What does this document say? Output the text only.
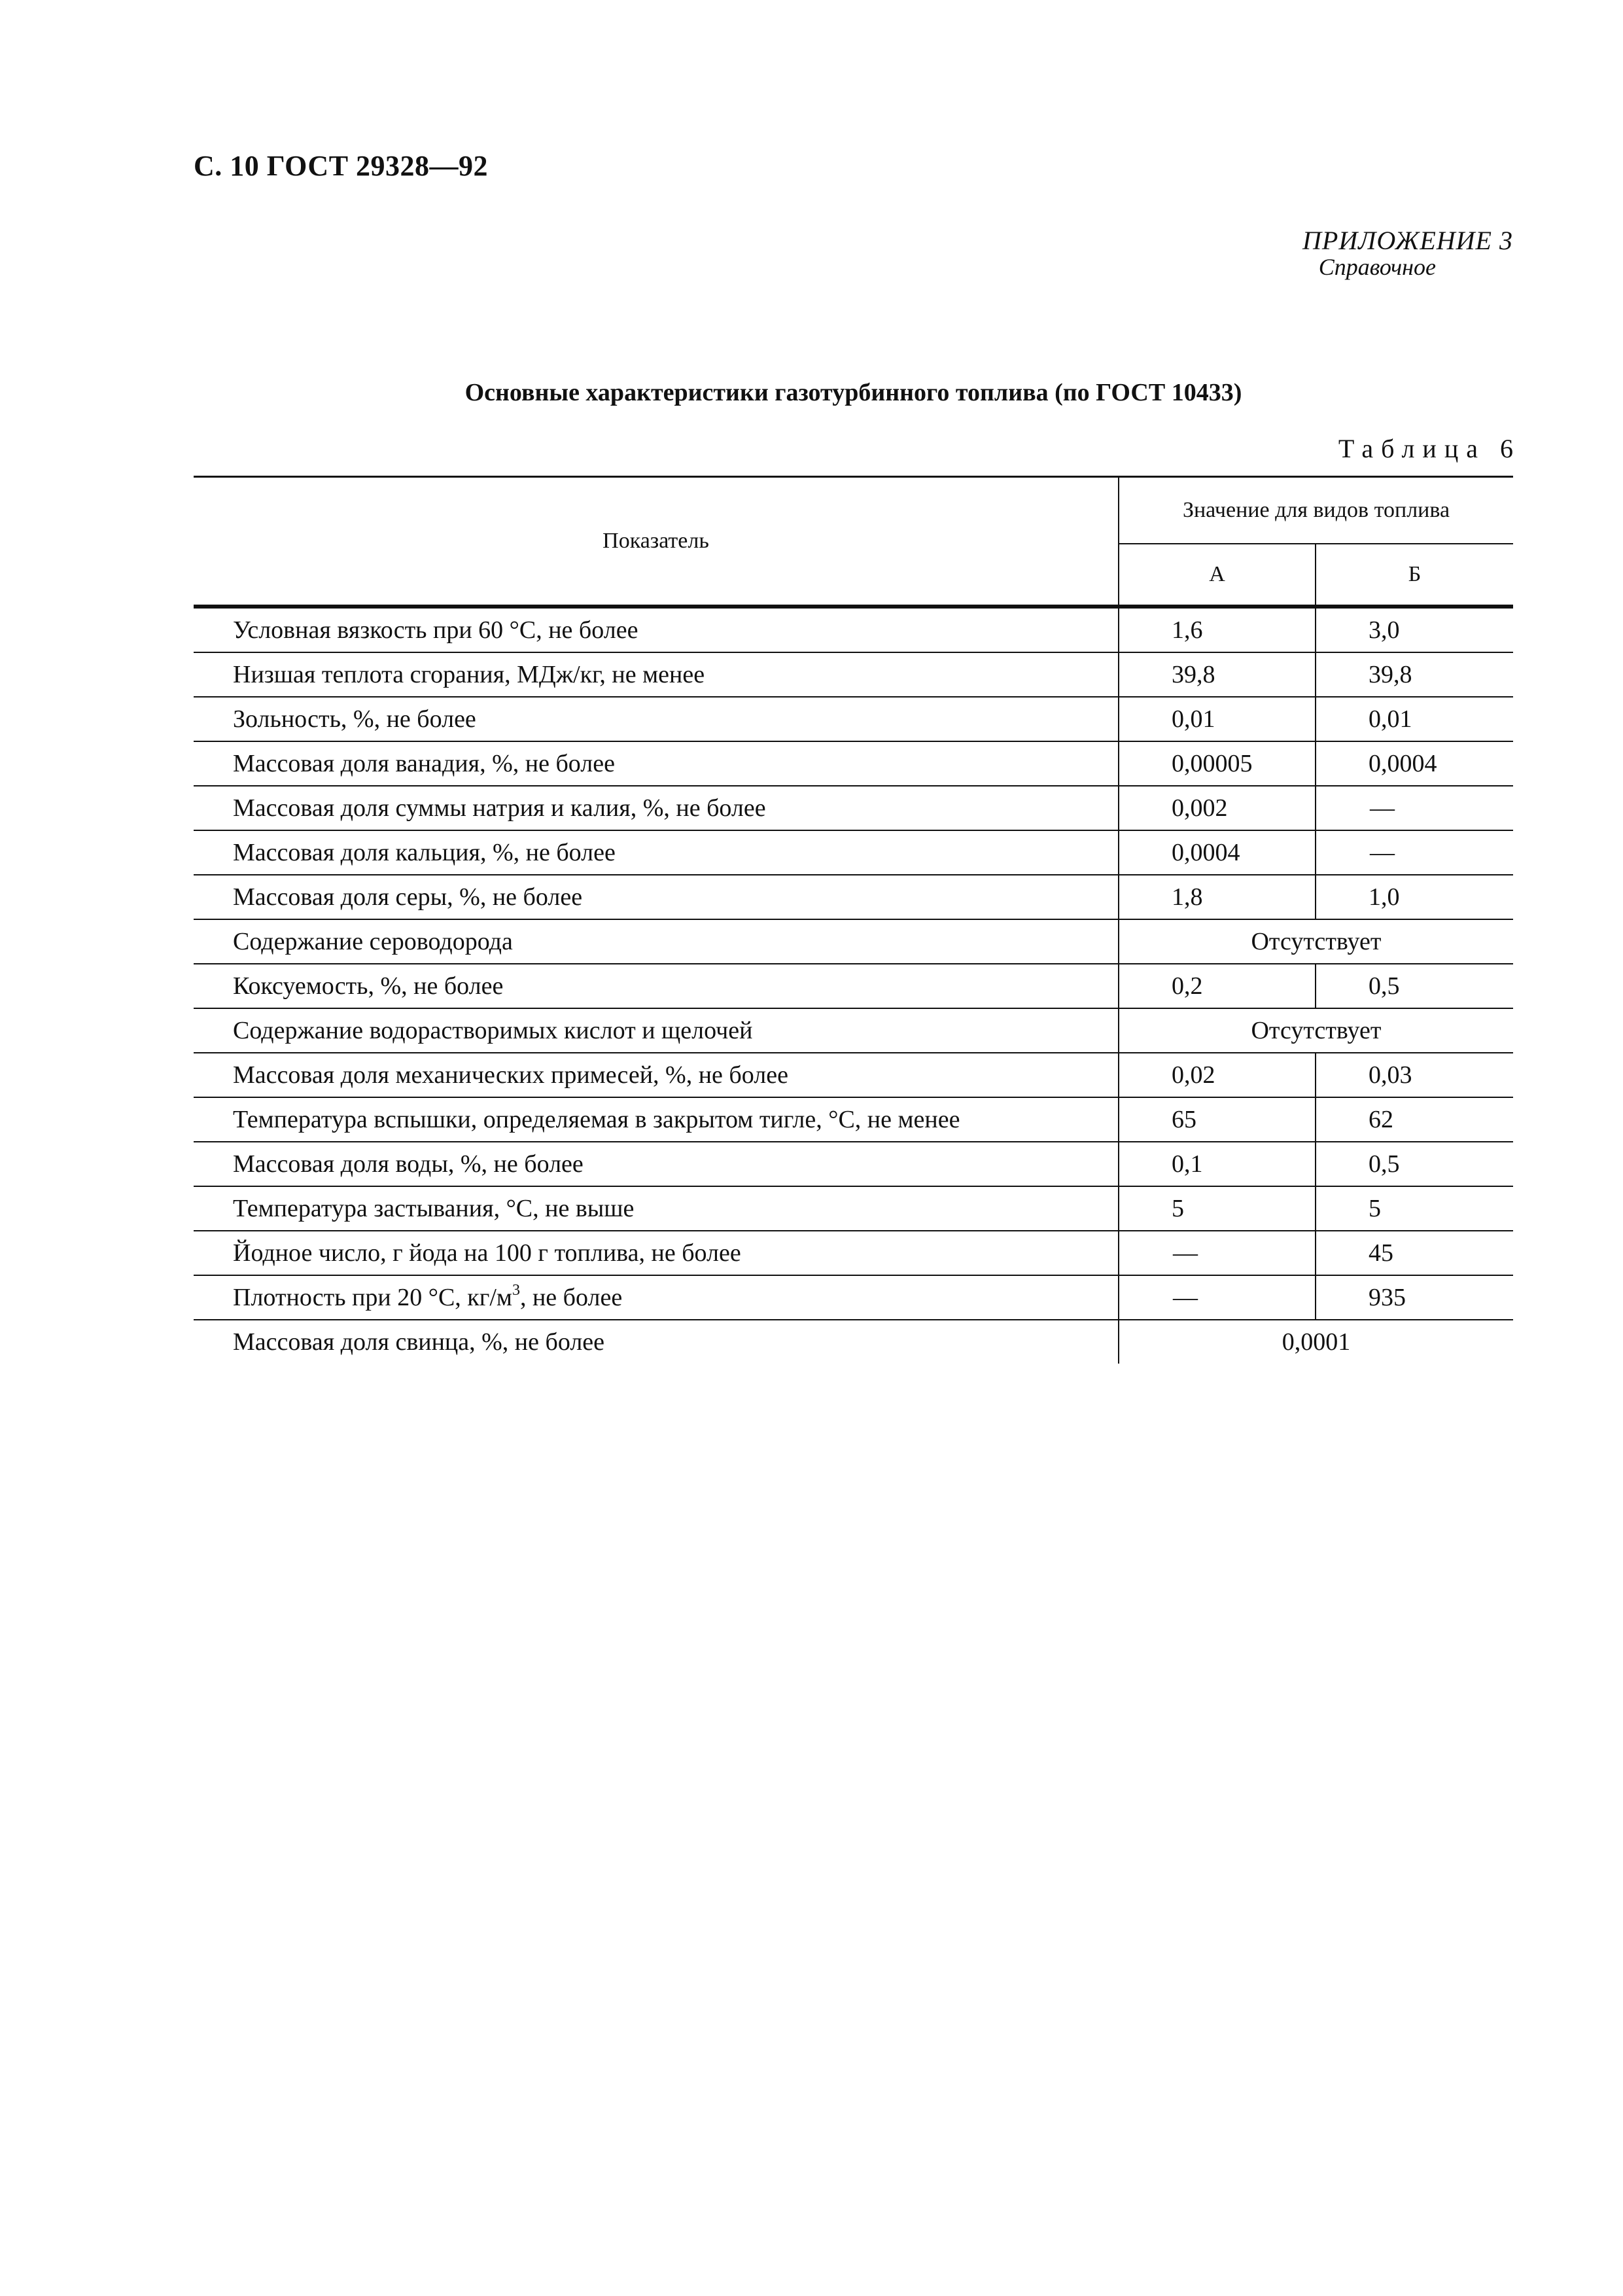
С. 10 ГОСТ 29328—92
ПРИЛОЖЕНИЕ 3
Справочное
Основные характеристики газотурбинного топлива (по ГОСТ 10433)
Таблица 6
Показатель	Значение для видов топлива	
	А	Б
Условная вязкость при 60 °С, не более	1,6	3,0
Низшая теплота сгорания, МДж/кг, не менее	39,8	39,8
Зольность, %, не более	0,01	0,01
Массовая доля ванадия, %, не более	0,00005	0,0004
Массовая доля суммы натрия и калия, %, не более	0,002	—
Массовая доля кальция, %, не более	0,0004	—
Массовая доля серы, %, не более	1,8	1,0
Содержание сероводорода	Отсутствует	
Коксуемость, %, не более	0,2	0,5
Содержание водорастворимых кислот и щелочей	Отсутствует	
Массовая доля механических примесей, %, не более	0,02	0,03
Температура вспышки, определяемая в закрытом тигле, °С, не менее	65	62
Массовая доля воды, %, не более	0,1	0,5
Температура застывания, °С, не выше	5	5
Йодное число, г йода на 100 г топлива, не более	—	45
Плотность при 20 °С, $кг/м^3$, не более	—	935
Массовая доля свинца, %, не более	0,0001	
